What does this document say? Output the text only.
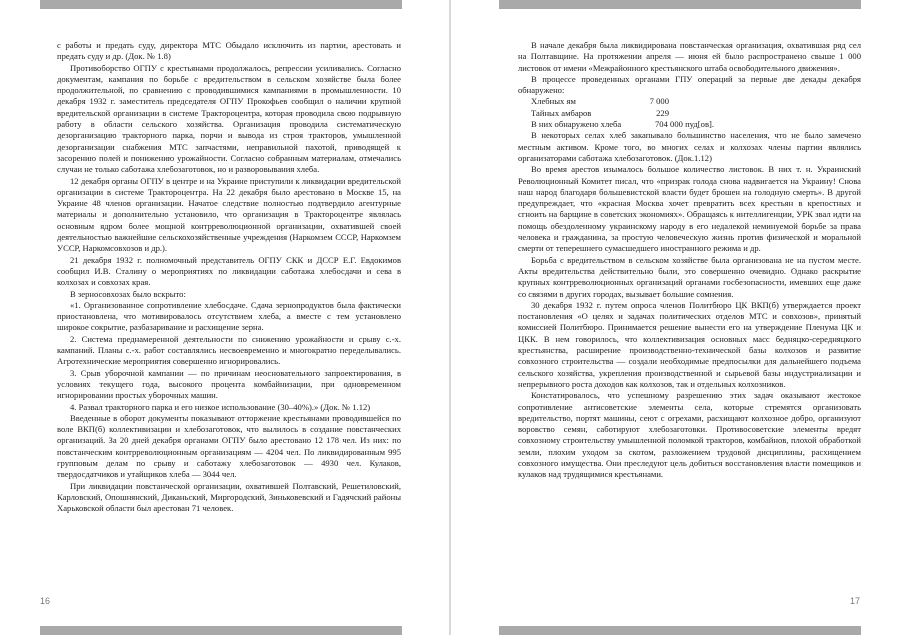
с работы и предать суду, директора МТС Обыдало исключить из партии, арестовать и предать суду и др. (Док. № 1.8)

Противоборство ОГПУ с крестьянами продолжалось, репрессии усиливались. Согласно документам, кампания по борьбе с вредительством в сельском хозяйстве была более продолжительной, по сравнению с проводившимися кампаниями в промышленности. 10 декабря 1932 г. заместитель председателя ОГПУ Прокофьев сообщил о наличии крупной вредительской организации в системе Трактороцентра, которая проводила свою подрывную работу в области сельского хозяйства. Организация проводила систематическую дезорганизацию тракторного парка, порчи и вывода из строя тракторов, умышленной дезорганизации снабжения МТС запчастями, неправильной пахотой, приводящей к засорению полей и понижению урожайности. Согласно собранным материалам, отмечались случаи не только саботажа хлебозаготовок, но и разворовывания хлеба.

12 декабря органы ОГПУ в центре и на Украине приступили к ликвидации вредительской организации в системе Трактороцентра. На 22 декабря было арестовано в Москве 15, на Украине 48 членов организации. Начатое следствие полностью подтвердило агентурные материалы и дополнительно установило, что организация в Трактороцентре являлась основным ядром более мощной контрреволюционной организации, охватившей своей деятельностью важнейшие сельскохозяйственные учреждения (Наркомзем СССР, Наркомзем УССР, Наркомсовхозов и др.).

21 декабря 1932 г. полномочный представитель ОГПУ СКК и ДССР Е.Г. Евдокимов сообщил И.В. Сталину о мероприятиях по ликвидации саботажа хлебосдачи и сева в колхозах и совхозах края.

В зерносовхозах было вскрыто:

«1. Организованное сопротивление хлебосдаче. Сдача зернопродуктов была фактически приостановлена, что мотивировалось отсутствием хлеба, а вместе с тем установлено широкое сокрытие, разбазаривание и расхищение зерна.

2. Система преднамеренной деятельности по снижению урожайности и срыву с.-х. кампаний. Планы с.-х. работ составлялись несвоевременно и многократно переделывались. Агротехнические мероприятия совершенно игнорировались.

3. Срыв уборочной кампании — по причинам неосновательного запроектирования, в условиях текущего года, высокого процента комбайнизации, при одновременном игнорировании простых уборочных машин.

4. Развал тракторного парка и его низкое использование (30–40%).» (Док. № 1.12)

Введенные в оборот документы показывают отторжение крестьянами проводившейся по воле ВКП(б) коллективизации и хлебозаготовок, что вылилось в создание повстанческих организаций. За 20 дней декабря органами ОГПУ было арестовано 12 178 чел. Из них: по повстанческим контрреволюционным организациям — 4204 чел. По ликвидированным 995 групповым делам по срыву и саботажу хлебозаготовок — 4930 чел. Кулаков, твердосдатчиков и утайщиков хлеба — 3044 чел.

При ликвидации повстанческой организации, охватившей Полтавский, Решетиловский, Карловский, Опошнянский, Диканьский, Миргородский, Зиньковевский и Гадячский районы Харьковской области был арестован 71 человек.

16

В начале декабря была ликвидирована повстанческая организация, охватившая ряд сел на Полтавщине. На протяжении апреля — июня ей было распространено свыше 1 000 листовок от имени «Межрайонного крестьянского штаба освободительного движения».

В процессе проведенных органами ГПУ операций за первые две декады декабря обнаружено:

Хлебных ям	7 000
Тайных амбаров	229
В них обнаружено хлеба	704 000 пуд[ов].

В некоторых селах хлеб закапывало большинство населения, что не было замечено местным активом. Кроме того, во многих селах и колхозах члены партии являлись организаторами саботажа хлебозаготовок. (Док.1.12)

Во время арестов изымалось большое количество листовок. В них т. н. Украинский Революционный Комитет писал, что «призрак голода снова надвигается на Украину! Снова наш народ благодаря большевистской власти будет брошен на голодную смерть». В другой предупреждает, что «красная Москва хочет превратить всех крестьян в крепостных и сгноить на барщине в советских экономиях». Обращаясь к интеллигенции, УРК звал идти на помощь обездоленному украинскому народу в его недалекой неминуемой борьбе за права человека и гражданина, за простую человеческую жизнь против физической и моральной смерти от теперешнего сумасшедшего иностранного режима и др.

Борьба с вредительством в сельском хозяйстве была организована не на пустом месте. Акты вредительства действительно были, это совершенно очевидно. Однако раскрытие крупных контрреволюционных организаций органами госбезопасности, имевших еще даже со связями в других городах, вызывает большие сомнения.

30 декабря 1932 г. путем опроса членов Политбюро ЦК ВКП(б) утверждается проект постановления «О целях и задачах политических отделов МТС и совхозов», принятый комиссией Политбюро. Принимается решение вынести его на утверждение Пленума ЦК и ЦКК. В нем говорилось, что коллективизация основных масс бедняцко-середняцкого крестьянства, расширение производственно-технической базы колхозов и развитие совхозного строительства — создали необходимые предпосылки для дальнейшего подъема сельского хозяйства, укрепления производственной и сырьевой базы индустриализации и непрерывного роста доходов как колхозов, так и отдельных колхозников.

Констатировалось, что успешному разрешению этих задач оказывают жестокое сопротивление антисоветские элементы села, которые стремятся организовать вредительство, портят машины, сеют с огрехами, расхищают колхозное добро, организуют воровство семян, саботируют хлебозаготовки. Противосоветские элементы вредят совхозному строительству умышленной поломкой тракторов, комбайнов, плохой обработкой земли, плохим уходом за скотом, разложением трудовой дисциплины, расхищением совхозного имущества. Они преследуют цель добиться восстановления власти помещиков и кулаков над трудящимися крестьянами.

17
